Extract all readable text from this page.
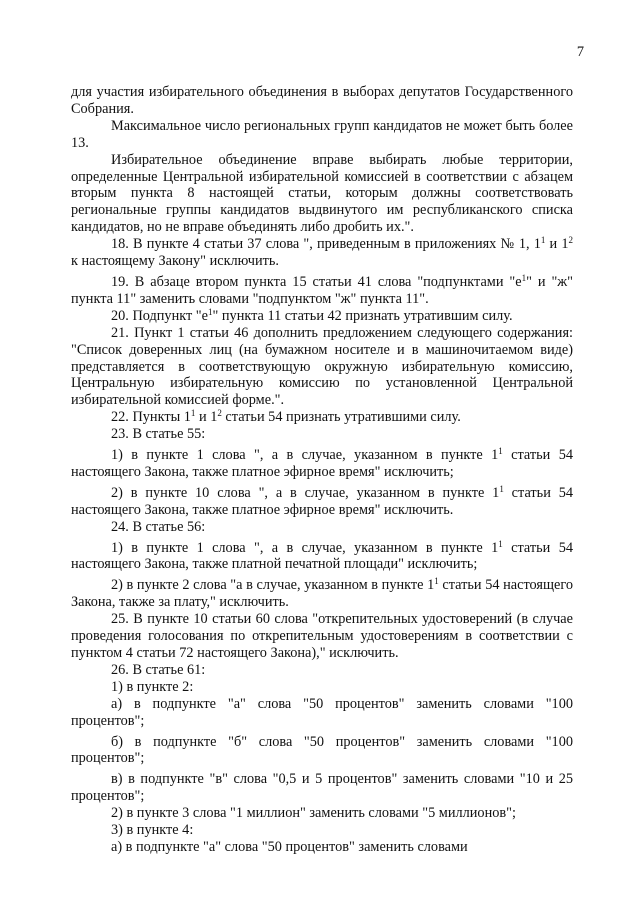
7

для участия избирательного объединения в выборах депутатов Государственного Собрания.

Максимальное число региональных групп кандидатов не может быть более 13.

Избирательное объединение вправе выбирать любые территории, определенные Центральной избирательной комиссией в соответствии с абзацем вторым пункта 8 настоящей статьи, которым должны соответствовать региональные группы кандидатов выдвинутого им республиканского списка кандидатов, но не вправе объединять либо дробить их.".

18. В пункте 4 статьи 37 слова ", приведенным в приложениях № 1, $1^1$ и $1^2$ к настоящему Закону" исключить.

19. В абзаце втором пункта 15 статьи 41 слова "подпунктами "$е^1$" и "ж" пункта 11" заменить словами "подпунктом "ж" пункта 11".

20. Подпункт "$е^1$" пункта 11 статьи 42 признать утратившим силу.

21. Пункт 1 статьи 46 дополнить предложением следующего содержания: "Список доверенных лиц (на бумажном носителе и в машиночитаемом виде) представляется в соответствующую окружную избирательную комиссию, Центральную избирательную комиссию по установленной Центральной избирательной комиссией форме.".

22. Пункты $1^1$ и $1^2$ статьи 54 признать утратившими силу.

23. В статье 55:

1) в пункте 1 слова ", а в случае, указанном в пункте $1^1$ статьи 54 настоящего Закона, также платное эфирное время" исключить;

2) в пункте 10 слова ", а в случае, указанном в пункте $1^1$ статьи 54 настоящего Закона, также платное эфирное время" исключить.

24. В статье 56:

1) в пункте 1 слова ", а в случае, указанном в пункте $1^1$ статьи 54 настоящего Закона, также платной печатной площади" исключить;

2) в пункте 2 слова "а в случае, указанном в пункте $1^1$ статьи 54 настоящего Закона, также за плату," исключить.

25. В пункте 10 статьи 60 слова "открепительных удостоверений (в случае проведения голосования по открепительным удостоверениям в соответствии с пунктом 4 статьи 72 настоящего Закона)," исключить.

26. В статье 61:

1) в пункте 2:

а) в подпункте "а" слова "50 процентов" заменить словами "100 процентов";

б) в подпункте "б" слова "50 процентов" заменить словами "100 процентов";

в) в подпункте "в" слова "0,5 и 5 процентов" заменить словами "10 и 25 процентов";

2) в пункте 3 слова "1 миллион" заменить словами "5 миллионов";

3) в пункте 4:

а) в подпункте "а" слова "50 процентов" заменить словами
